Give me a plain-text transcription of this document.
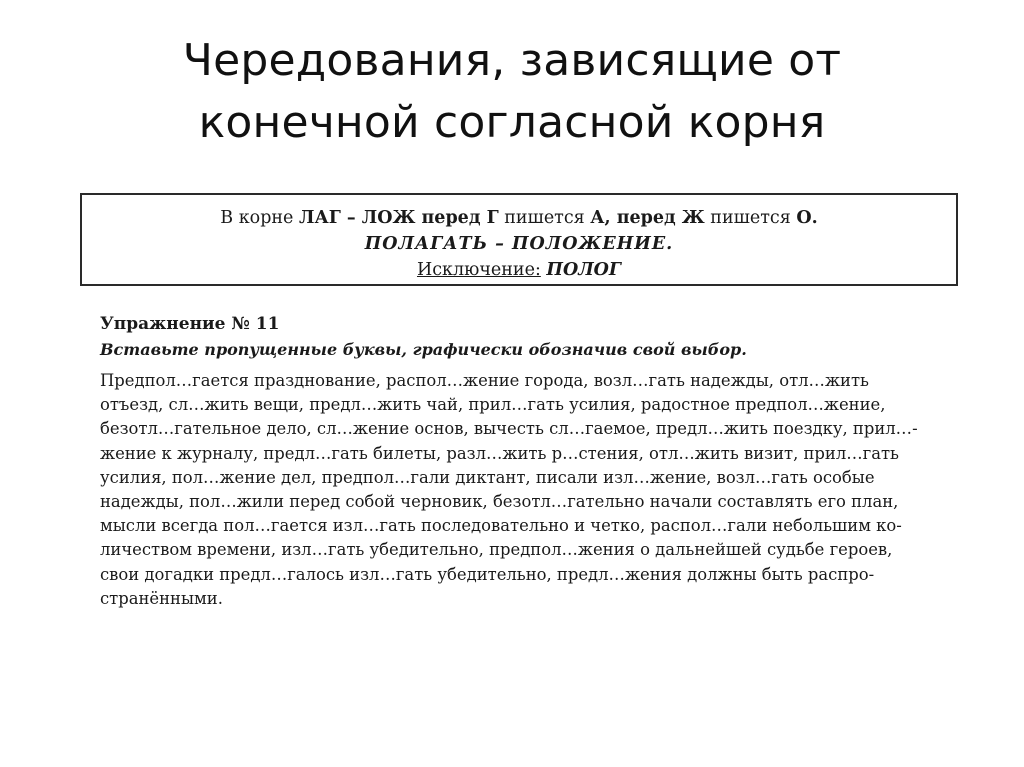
Чередования, зависящие от
конечной согласной корня
В корне ЛАГ – ЛОЖ перед Г пишется А, перед Ж пишется О.
ПОЛАГАТЬ – ПОЛОЖЕНИЕ.
Исключение: ПОЛОГ
Упражнение № 11
Вставьте пропущенные буквы, графически обозначив свой выбор.
Предпол…гается празднование, распол…жение города, возл…гать надежды, отл…жить
отъезд, сл…жить вещи, предл…жить чай, прил…гать усилия, радостное предпол…жение,
безотл…гательное дело, сл…жение основ, вычесть сл…гаемое, предл…жить поездку, прил…-
жение к журналу, предл…гать билеты, разл…жить р…стения, отл…жить визит, прил…гать
усилия, пол…жение дел, предпол…гали диктант, писали изл…жение, возл…гать особые
надежды, пол…жили перед собой черновик, безотл…гательно начали составлять его план,
мысли всегда пол…гается изл…гать последовательно и четко, распол…гали небольшим ко-
личеством времени, изл…гать убедительно, предпол…жения о дальнейшей судьбе героев,
свои догадки предл…галось изл…гать убедительно, предл…жения должны быть распро-
странёнными.
